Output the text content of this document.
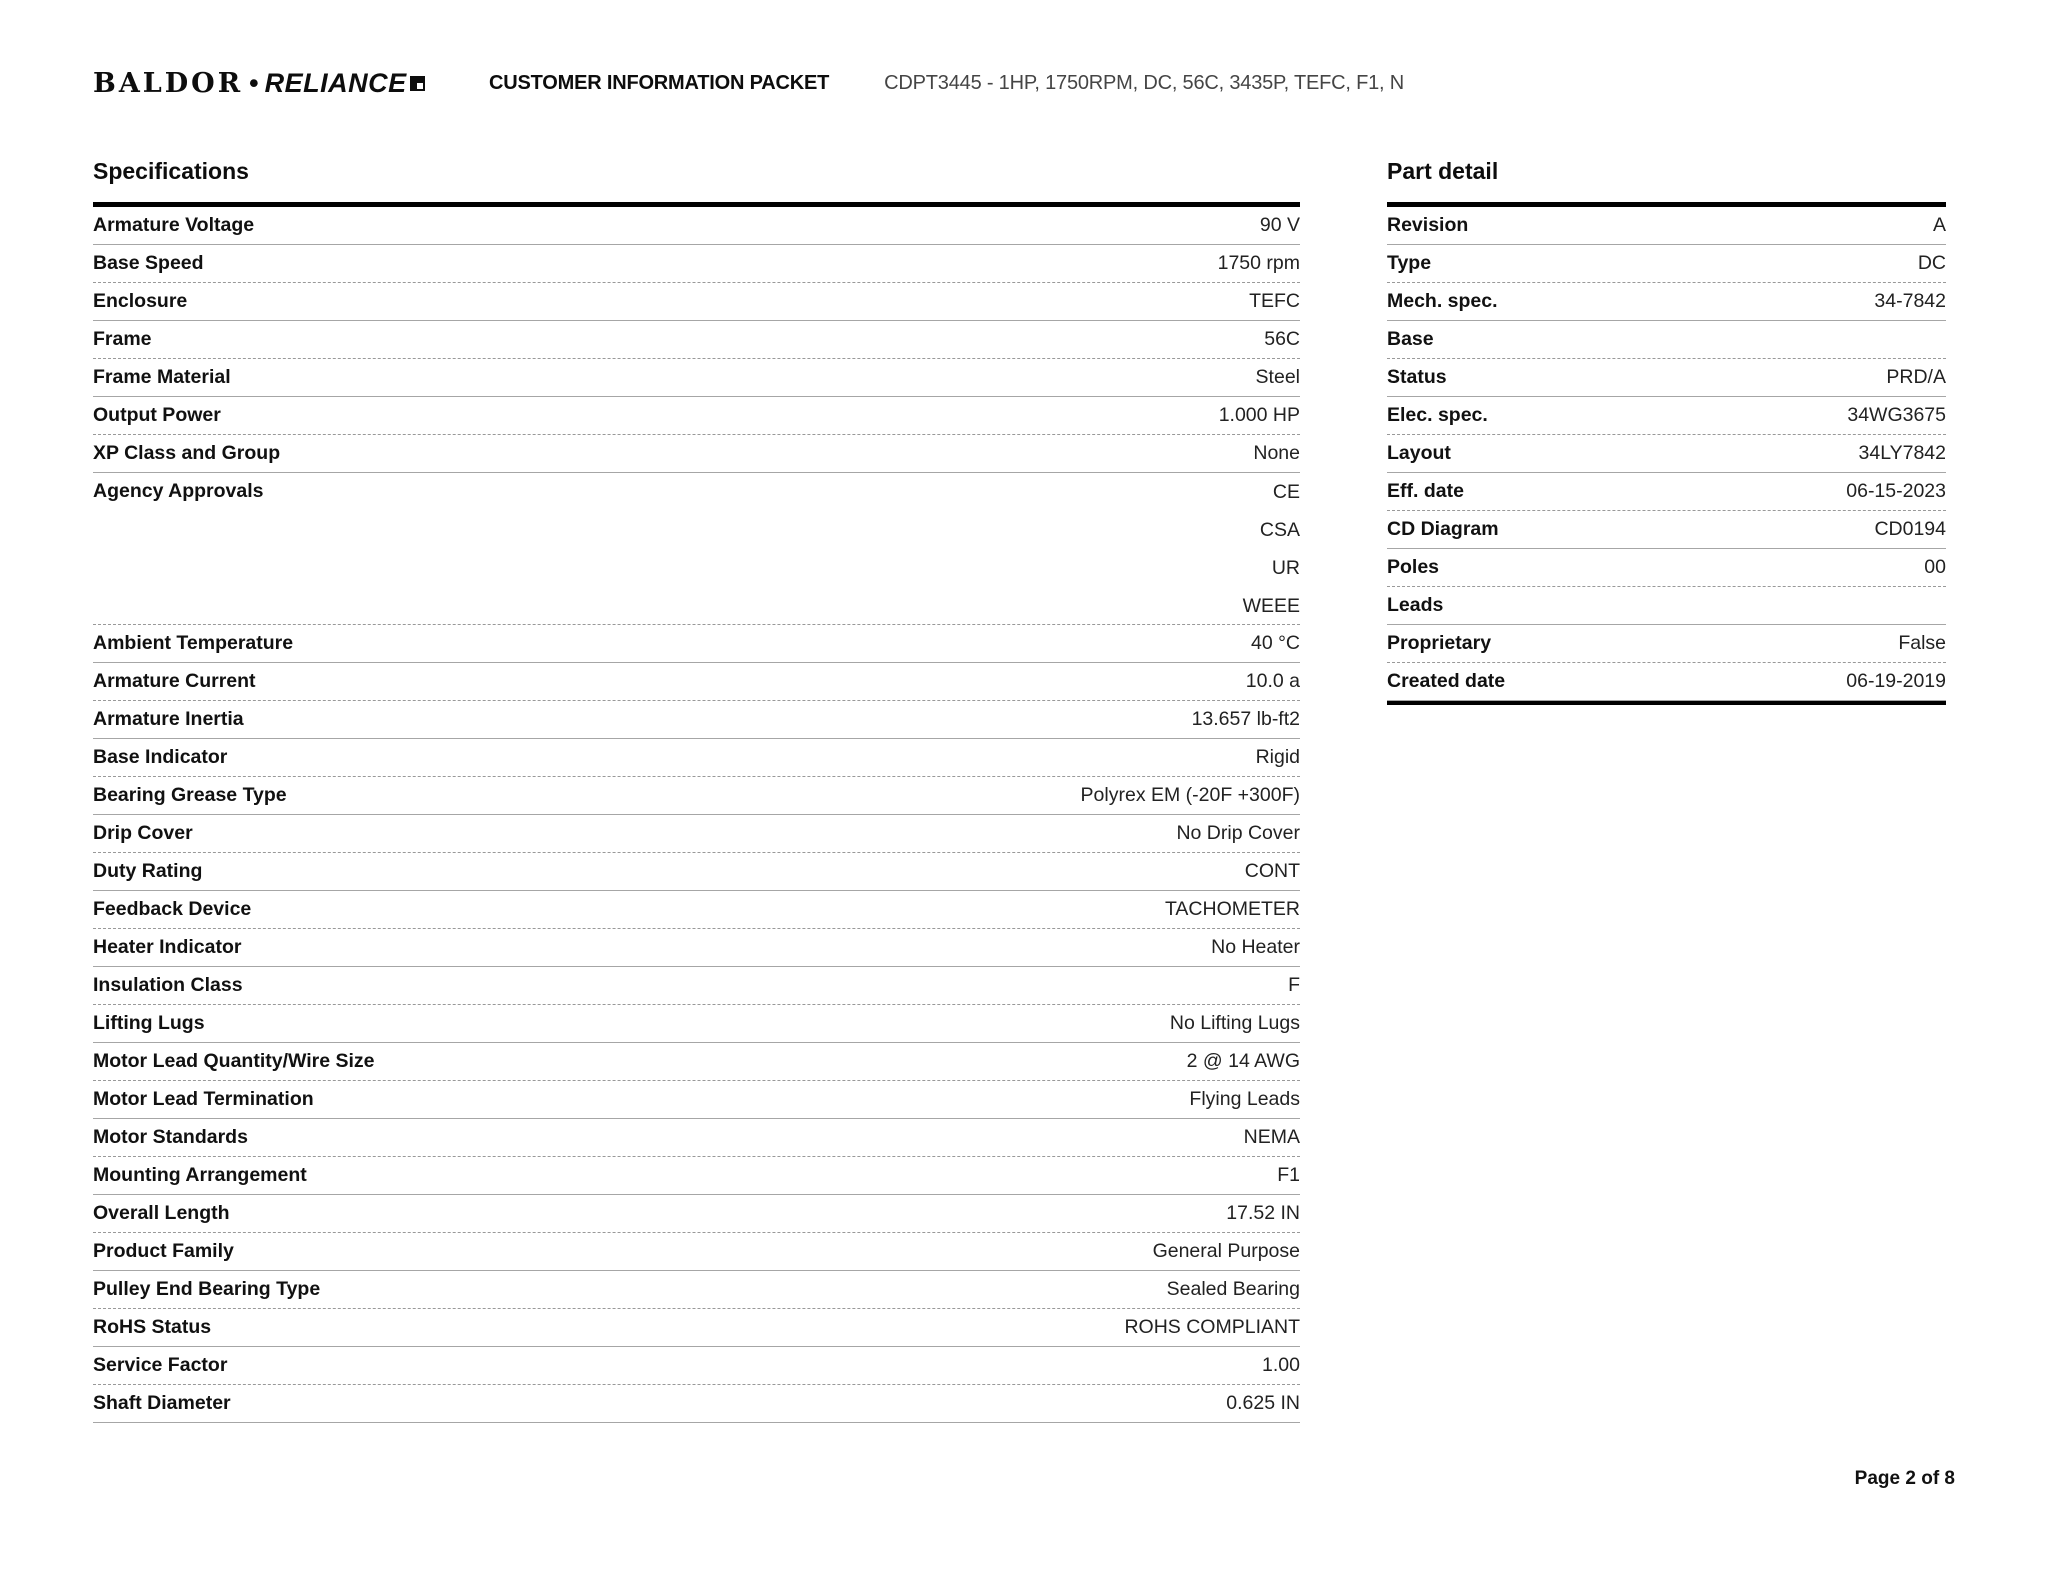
BALDOR • RELIANCE	CUSTOMER INFORMATION PACKET	CDPT3445 - 1HP, 1750RPM, DC, 56C, 3435P, TEFC, F1, N
Specifications
Armature Voltage	90 V
Base Speed	1750 rpm
Enclosure	TEFC
Frame	56C
Frame Material	Steel
Output Power	1.000 HP
XP Class and Group	None
Agency Approvals	CE
CSA
UR
WEEE
Ambient Temperature	40 °C
Armature Current	10.0 a
Armature Inertia	13.657 lb-ft2
Base Indicator	Rigid
Bearing Grease Type	Polyrex EM (-20F +300F)
Drip Cover	No Drip Cover
Duty Rating	CONT
Feedback Device	TACHOMETER
Heater Indicator	No Heater
Insulation Class	F
Lifting Lugs	No Lifting Lugs
Motor Lead Quantity/Wire Size	2 @ 14 AWG
Motor Lead Termination	Flying Leads
Motor Standards	NEMA
Mounting Arrangement	F1
Overall Length	17.52 IN
Product Family	General Purpose
Pulley End Bearing Type	Sealed Bearing
RoHS Status	ROHS COMPLIANT
Service Factor	1.00
Shaft Diameter	0.625 IN
Part detail
Revision	A
Type	DC
Mech. spec.	34-7842
Base
Status	PRD/A
Elec. spec.	34WG3675
Layout	34LY7842
Eff. date	06-15-2023
CD Diagram	CD0194
Poles	00
Leads
Proprietary	False
Created date	06-19-2019
Page 2 of 8
